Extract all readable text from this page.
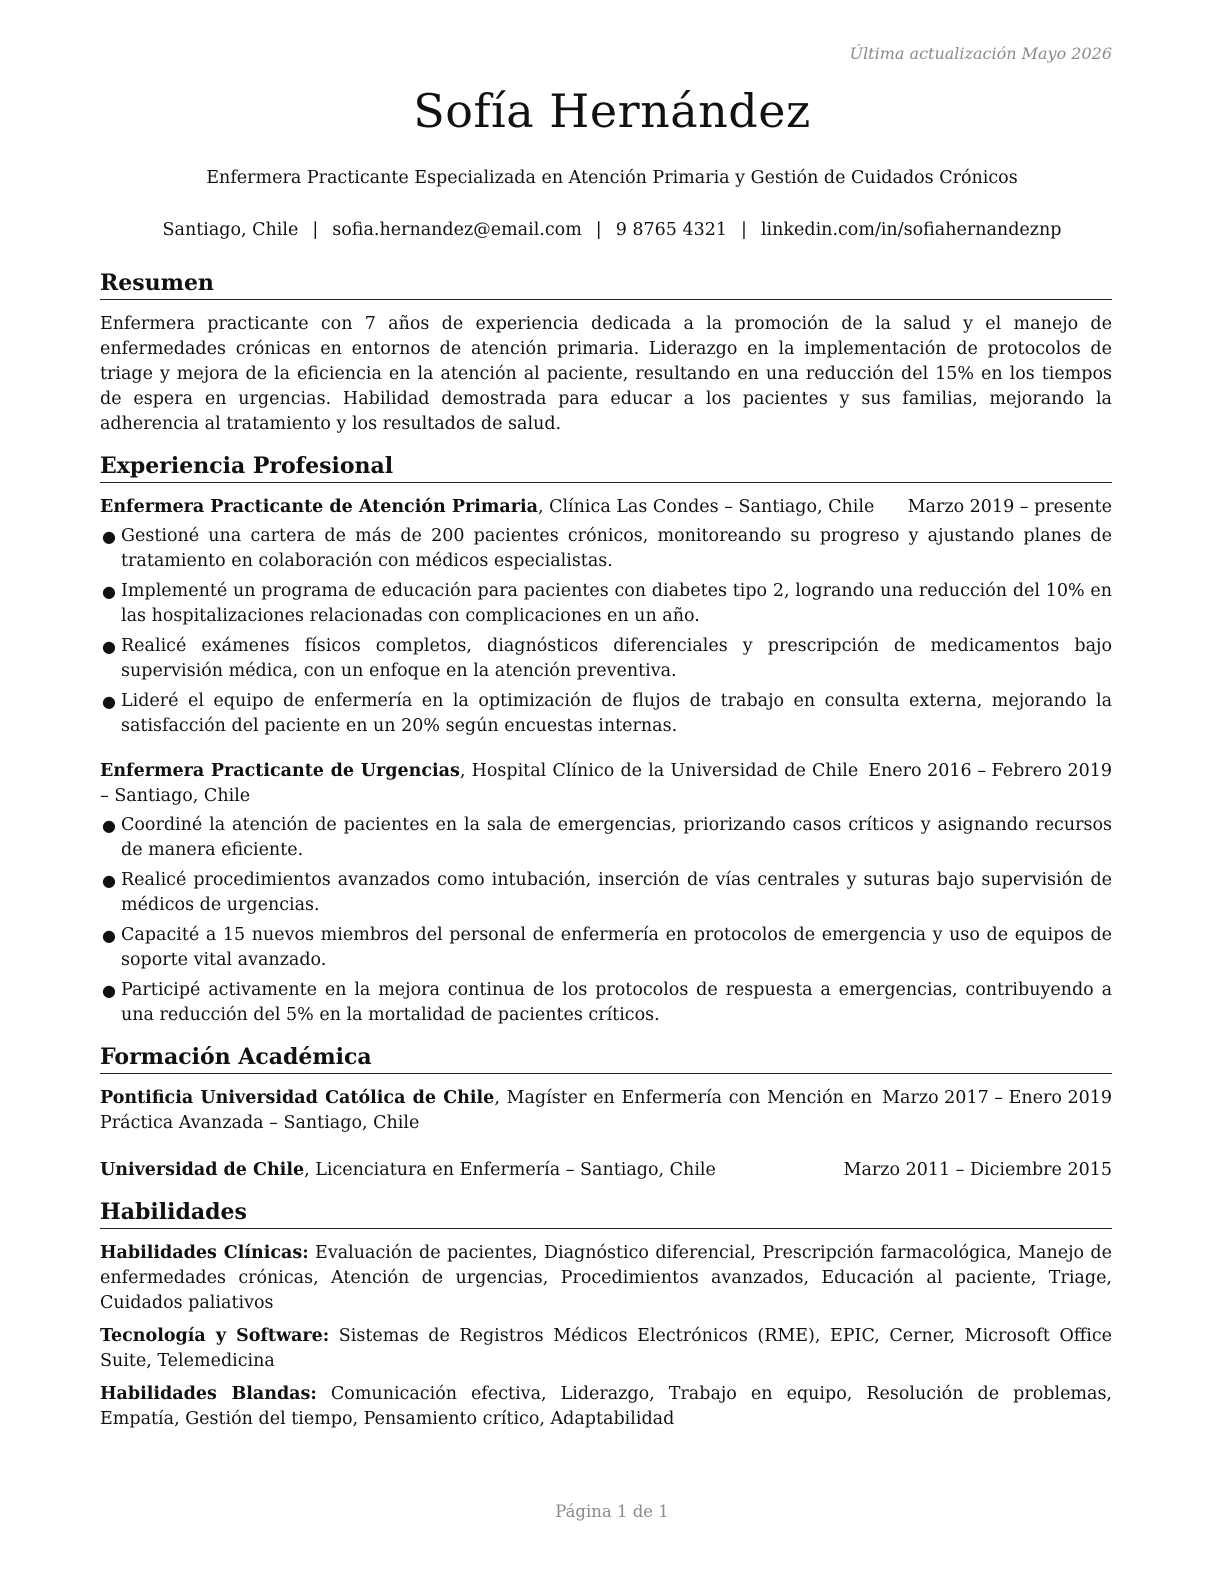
Última actualización Mayo 2026
Sofía Hernández
Enfermera Practicante Especializada en Atención Primaria y Gestión de Cuidados Crónicos
Santiago, Chile | sofia.hernandez@email.com | 9 8765 4321 | linkedin.com/in/sofiahernandeznp
Resumen

Enfermera practicante con 7 años de experiencia dedicada a la promoción de la salud y el manejo de enfermedades crónicas en entornos de atención primaria. Liderazgo en la implementación de protocolos de triage y mejora de la eficiencia en la atención al paciente, resultando en una reducción del 15% en los tiempos de espera en urgencias. Habilidad demostrada para educar a los pacientes y sus familias, mejorando la adherencia al tratamiento y los resultados de salud.

Experiencia Profesional
Enfermera Practicante de Atención Primaria, Clínica Las Condes – Santiago, Chile	Marzo 2019 – presente
● Gestioné una cartera de más de 200 pacientes crónicos, monitoreando su progreso y ajustando planes de tratamiento en colaboración con médicos especialistas.
● Implementé un programa de educación para pacientes con diabetes tipo 2, logrando una reducción del 10% en las hospitalizaciones relacionadas con complicaciones en un año.
● Realicé exámenes físicos completos, diagnósticos diferenciales y prescripción de medicamentos bajo supervisión médica, con un enfoque en la atención preventiva.
● Lideré el equipo de enfermería en la optimización de flujos de trabajo en consulta externa, mejorando la satisfacción del paciente en un 20% según encuestas internas.
Enfermera Practicante de Urgencias, Hospital Clínico de la Universidad de Chile – Santiago, Chile
Enero 2016 – Febrero 2019
● Coordiné la atención de pacientes en la sala de emergencias, priorizando casos críticos y asignando recursos de manera eficiente.
● Realicé procedimientos avanzados como intubación, inserción de vías centrales y suturas bajo supervisión de médicos de urgencias.
● Capacité a 15 nuevos miembros del personal de enfermería en protocolos de emergencia y uso de equipos de soporte vital avanzado.
● Participé activamente en la mejora continua de los protocolos de respuesta a emergencias, contribuyendo a una reducción del 5% en la mortalidad de pacientes críticos.
Formación Académica
Pontificia Universidad Católica de Chile, Magíster en Enfermería con Mención en Práctica Avanzada – Santiago, Chile
Marzo 2017 – Enero 2019
Universidad de Chile, Licenciatura en Enfermería – Santiago, Chile	Marzo 2011 – Diciembre 2015
Habilidades

Habilidades Clínicas: Evaluación de pacientes, Diagnóstico diferencial, Prescripción farmacológica, Manejo de enfermedades crónicas, Atención de urgencias, Procedimientos avanzados, Educación al paciente, Triage, Cuidados paliativos

Tecnología y Software: Sistemas de Registros Médicos Electrónicos (RME), EPIC, Cerner, Microsoft Office Suite, Telemedicina

Habilidades Blandas: Comunicación efectiva, Liderazgo, Trabajo en equipo, Resolución de problemas, Empatía, Gestión del tiempo, Pensamiento crítico, Adaptabilidad

Página 1 de 1
